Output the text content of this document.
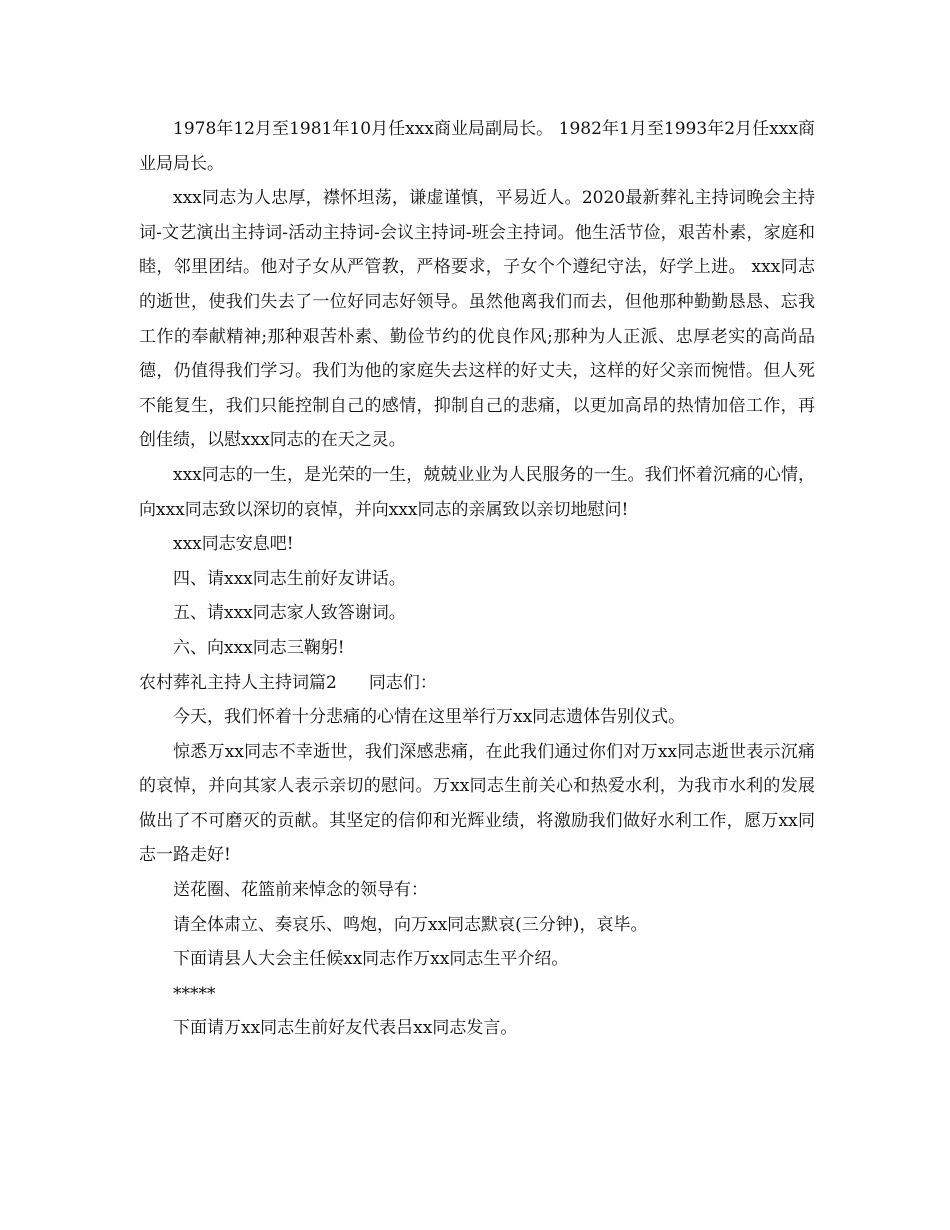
1978年12月至1981年10月任xxx商业局副局长。 1982年1月至1993年2月任xxx商业局局长。

xxx同志为人忠厚，襟怀坦荡，谦虚谨慎，平易近人。2020最新葬礼主持词晚会主持词-文艺演出主持词-活动主持词-会议主持词-班会主持词。他生活节俭，艰苦朴素，家庭和睦，邻里团结。他对子女从严管教，严格要求，子女个个遵纪守法，好学上进。 xxx同志的逝世，使我们失去了一位好同志好领导。虽然他离我们而去，但他那种勤勤恳恳、忘我工作的奉献精神;那种艰苦朴素、勤俭节约的优良作风;那种为人正派、忠厚老实的高尚品德，仍值得我们学习。我们为他的家庭失去这样的好丈夫，这样的好父亲而惋惜。但人死不能复生，我们只能控制自己的感情，抑制自己的悲痛，以更加高昂的热情加倍工作，再创佳绩，以慰xxx同志的在天之灵。

xxx同志的一生，是光荣的一生，兢兢业业为人民服务的一生。我们怀着沉痛的心情，向xxx同志致以深切的哀悼，并向xxx同志的亲属致以亲切地慰问!

xxx同志安息吧!

四、请xxx同志生前好友讲话。

五、请xxx同志家人致答谢词。

六、向xxx同志三鞠躬!

农村葬礼主持人主持词篇2 同志们：

今天，我们怀着十分悲痛的心情在这里举行万xx同志遗体告别仪式。

惊悉万xx同志不幸逝世，我们深感悲痛，在此我们通过你们对万xx同志逝世表示沉痛的哀悼，并向其家人表示亲切的慰问。万xx同志生前关心和热爱水利，为我市水利的发展做出了不可磨灭的贡献。其坚定的信仰和光辉业绩，将激励我们做好水利工作，愿万xx同志一路走好!

送花圈、花篮前来悼念的领导有：

请全体肃立、奏哀乐、鸣炮，向万xx同志默哀(三分钟)，哀毕。

下面请县人大会主任候xx同志作万xx同志生平介绍。

*****

下面请万xx同志生前好友代表吕xx同志发言。
